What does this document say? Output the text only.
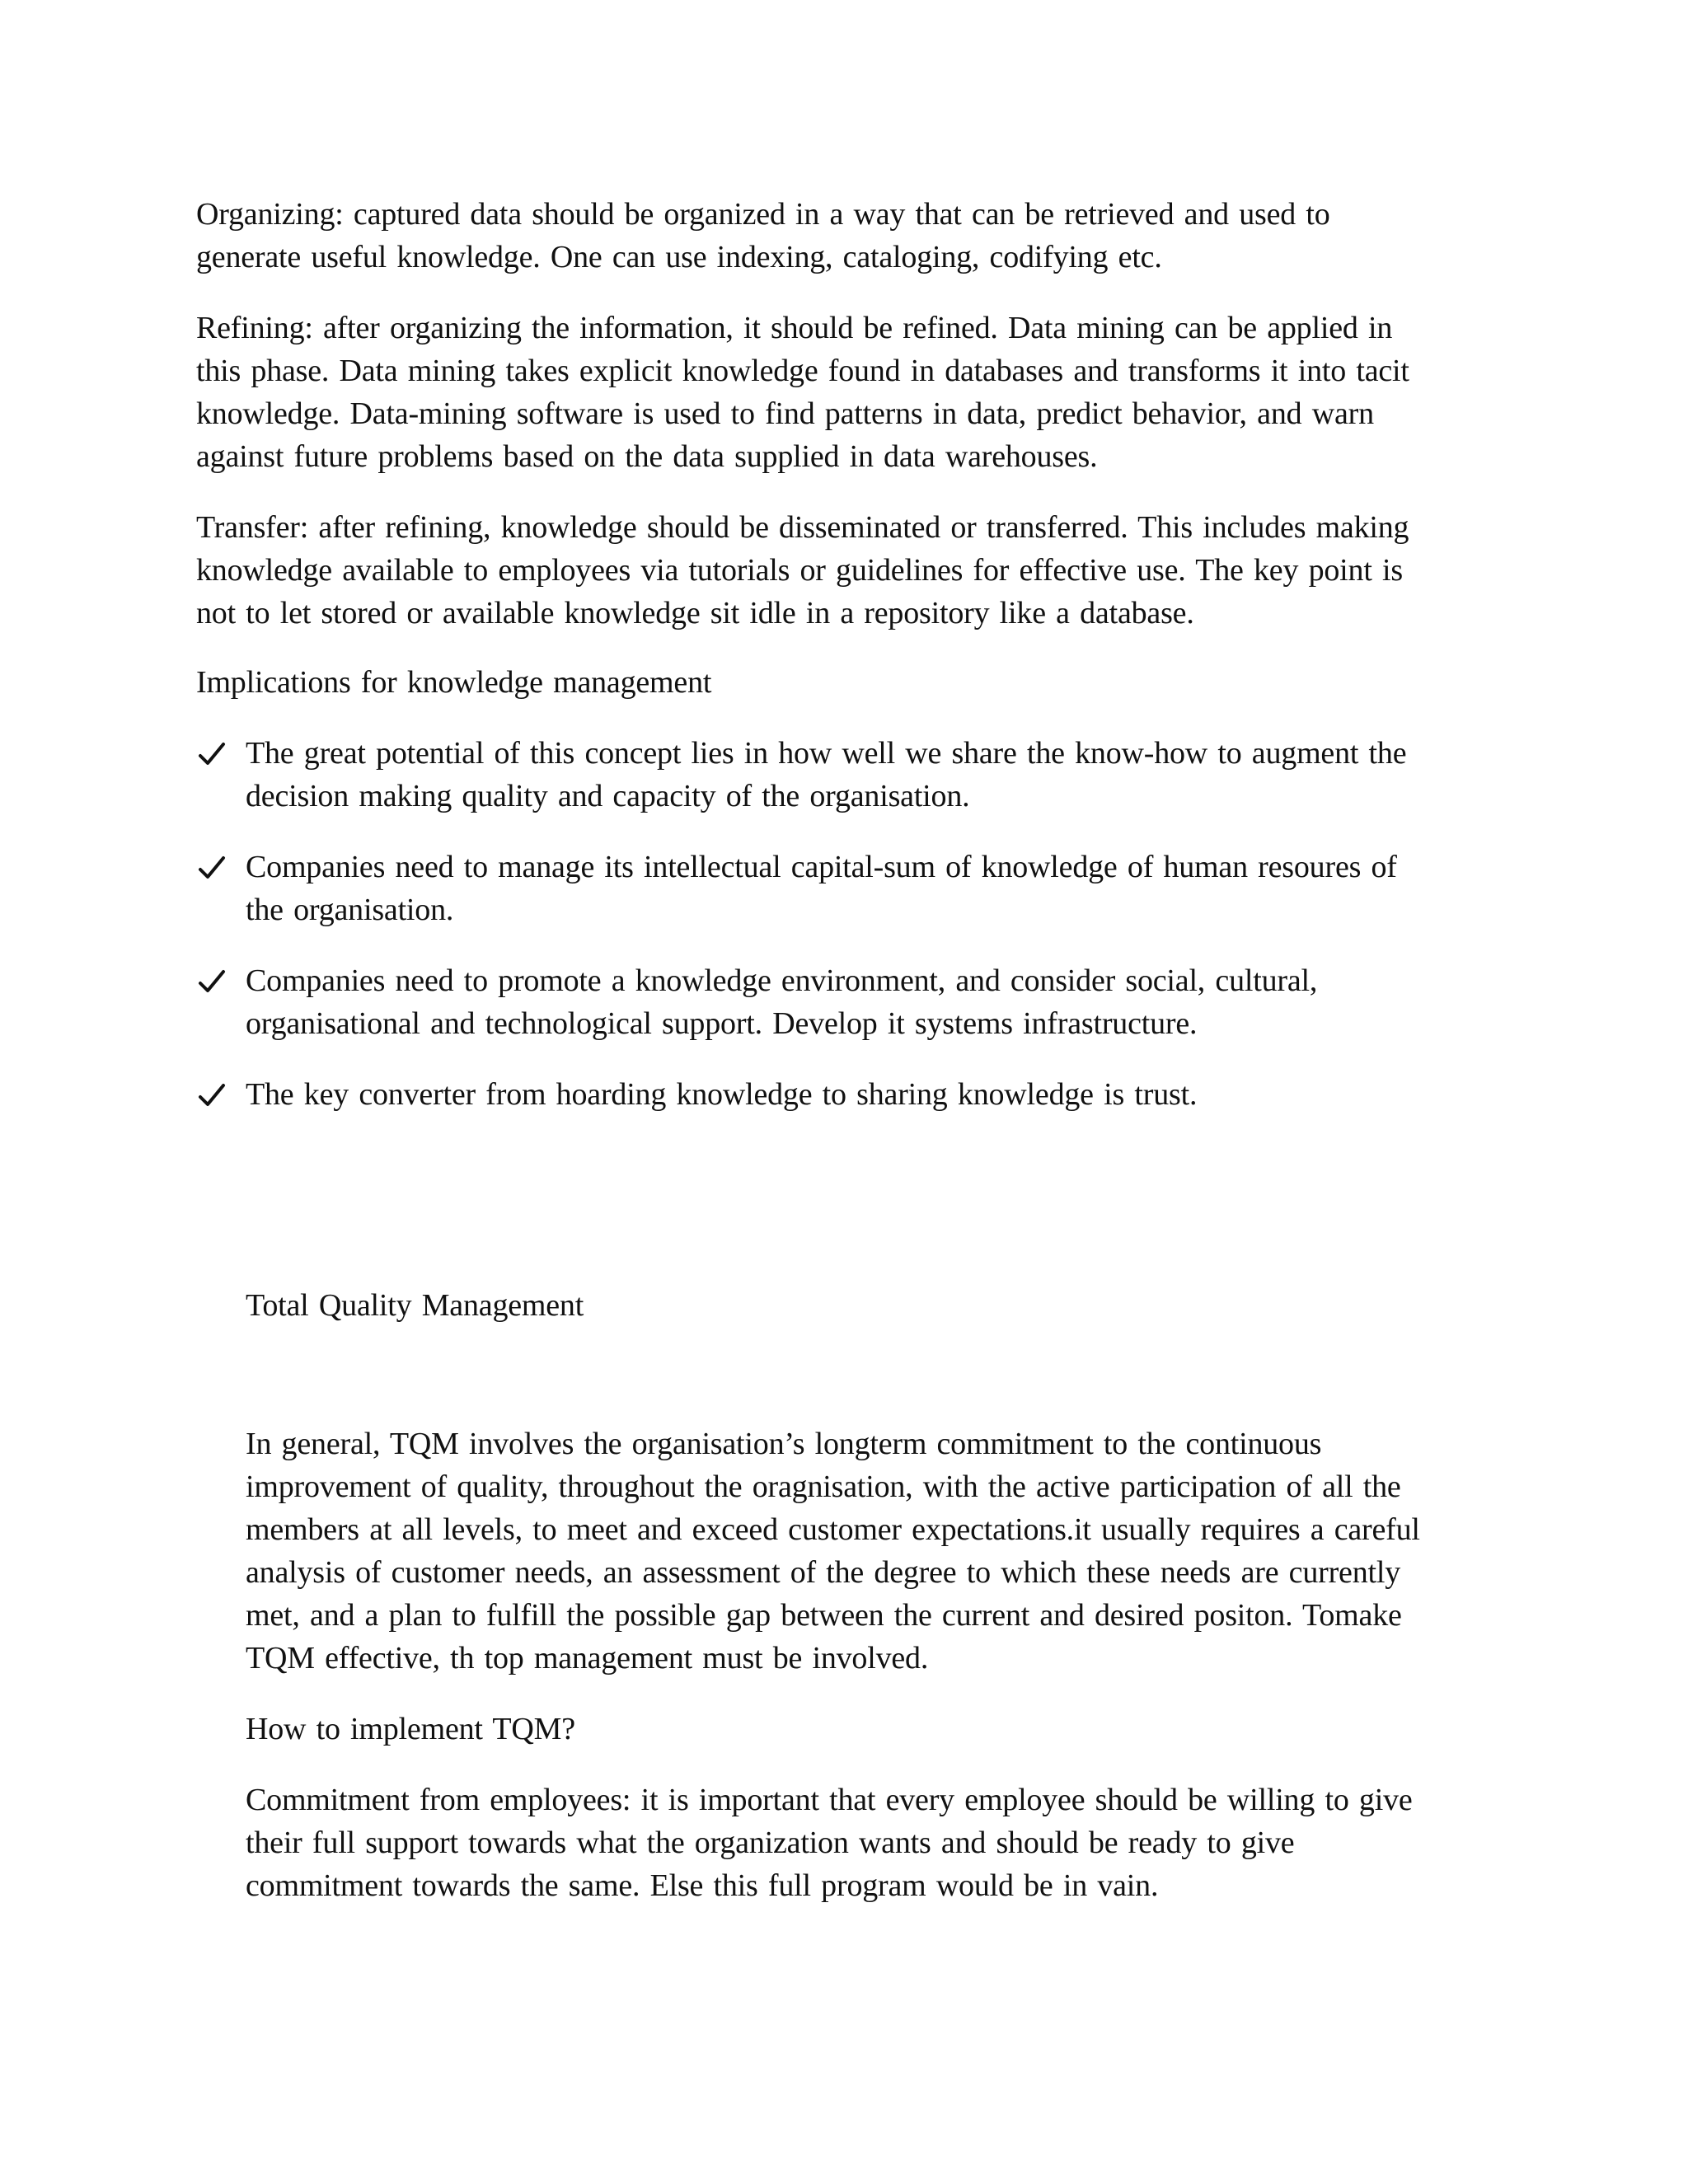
Organizing: captured data should be organized in a way that can be retrieved and used to
generate useful knowledge. One can use indexing, cataloging, codifying etc.
Refining: after organizing the information, it should be refined. Data mining can be applied in
this phase. Data mining takes explicit knowledge found in databases and transforms it into tacit
knowledge. Data-mining software is used to find patterns in data, predict behavior, and warn
against future problems based on the data supplied in data warehouses.
Transfer: after refining, knowledge should be disseminated or transferred. This includes making
knowledge available to employees via tutorials or guidelines for effective use. The key point is
not to let stored or available knowledge sit idle in a repository like a database.
Implications for knowledge management
The great potential of this concept lies in how well we share the know-how to augment the
decision making quality and capacity of the organisation.
Companies need to manage its intellectual capital-sum of knowledge of human resoures of
the organisation.
Companies need to promote a knowledge environment, and consider social, cultural,
organisational and technological support. Develop it systems infrastructure.
The key converter from hoarding knowledge to sharing knowledge is trust.
Total Quality Management
In general, TQM involves the organisation’s longterm commitment to the continuous
improvement of quality, throughout the oragnisation, with the active participation of all the
members at all levels, to meet and exceed customer expectations.it usually requires a careful
analysis of customer needs, an assessment of the degree to which these needs are currently
met, and a plan to fulfill the possible gap between the current and desired positon. Tomake
TQM effective, th top management must be involved.
How to implement TQM?
Commitment from employees: it is important that every employee should be willing to give
their full support towards what the organization wants and should be ready to give
commitment towards the same. Else this full program would be in vain.
